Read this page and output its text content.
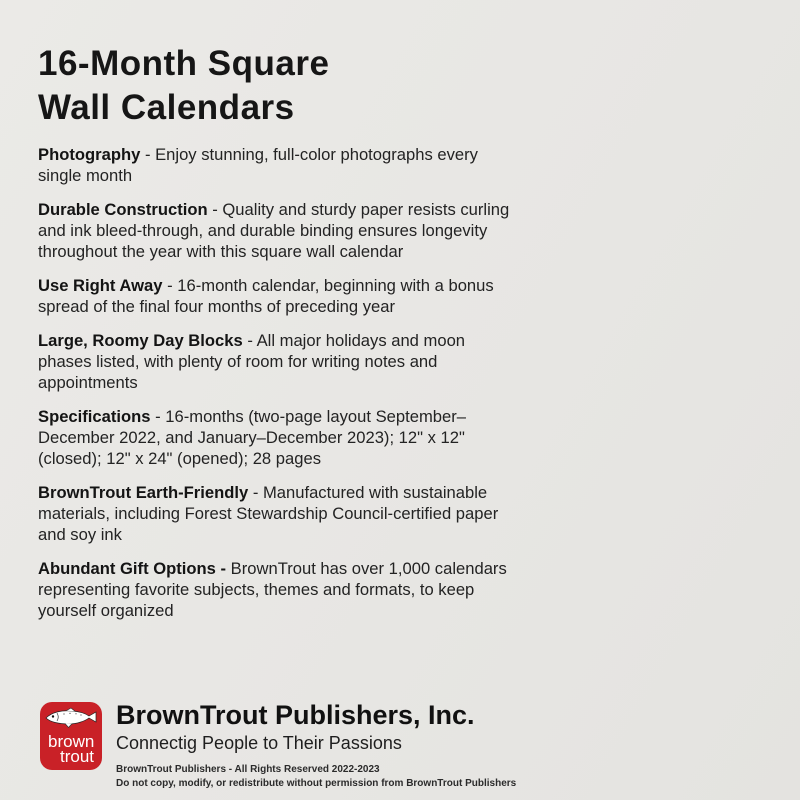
16-Month Square
Wall Calendars

Photography - Enjoy stunning, full-color photographs every single month

Durable Construction - Quality and sturdy paper resists curling and ink bleed-through, and durable binding ensures longevity throughout the year with this square wall calendar

Use Right Away - 16-month calendar, beginning with a bonus spread of the final four months of preceding year

Large, Roomy Day Blocks - All major holidays and moon phases listed, with plenty of room for writing notes and appointments

Specifications - 16-months (two-page layout September–December 2022, and January–December 2023); 12" x 12" (closed); 12" x 24" (opened); 28 pages

BrownTrout Earth-Friendly - Manufactured with sustainable materials, including Forest Stewardship Council-certified paper and soy ink

Abundant Gift Options - BrownTrout has over 1,000 calendars representing favorite subjects, themes and formats, to keep yourself organized

brown
trout
BrownTrout Publishers, Inc.
Connectig People to Their Passions
BrownTrout Publishers - All Rights Reserved 2022-2023
Do not copy, modify, or redistribute without permission from BrownTrout Publishers
